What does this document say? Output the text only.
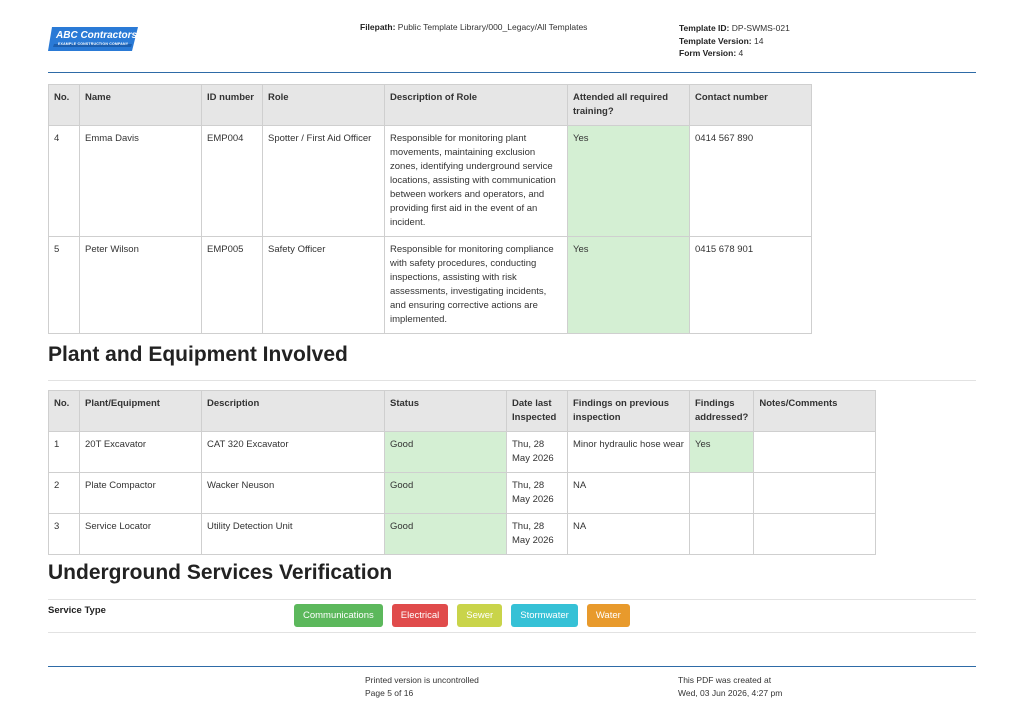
ABC Contractors
EXAMPLE CONSTRUCTION COMPANY
Filepath: Public Template Library/000_Legacy/All Templates	Template ID: DP-SWMS-021
Template Version: 14
Form Version: 4
No.	Name	ID number	Role	Description of Role	Attended all required training?	Contact number
4	Emma Davis	EMP004	Spotter / First Aid Officer	Responsible for monitoring plant movements, maintaining exclusion zones, identifying underground service locations, assisting with communication between workers and operators, and providing first aid in the event of an incident.	Yes	0414 567 890
5	Peter Wilson	EMP005	Safety Officer	Responsible for monitoring compliance with safety procedures, conducting inspections, assisting with risk assessments, investigating incidents, and ensuring corrective actions are implemented.	Yes	0415 678 901
Plant and Equipment Involved
No.	Plant/Equipment	Description	Status	Date last Inspected	Findings on previous inspection	Findings addressed?	Notes/Comments
1	20T Excavator	CAT 320 Excavator	Good	Thu, 28 May 2026	Minor hydraulic hose wear	Yes	
2	Plate Compactor	Wacker Neuson	Good	Thu, 28 May 2026	NA		
3	Service Locator	Utility Detection Unit	Good	Thu, 28 May 2026	NA		
Underground Services Verification
Service Type	Communications	Electrical	Sewer	Stormwater	Water
Printed version is uncontrolled
Page 5 of 16
This PDF was created at
Wed, 03 Jun 2026, 4:27 pm
